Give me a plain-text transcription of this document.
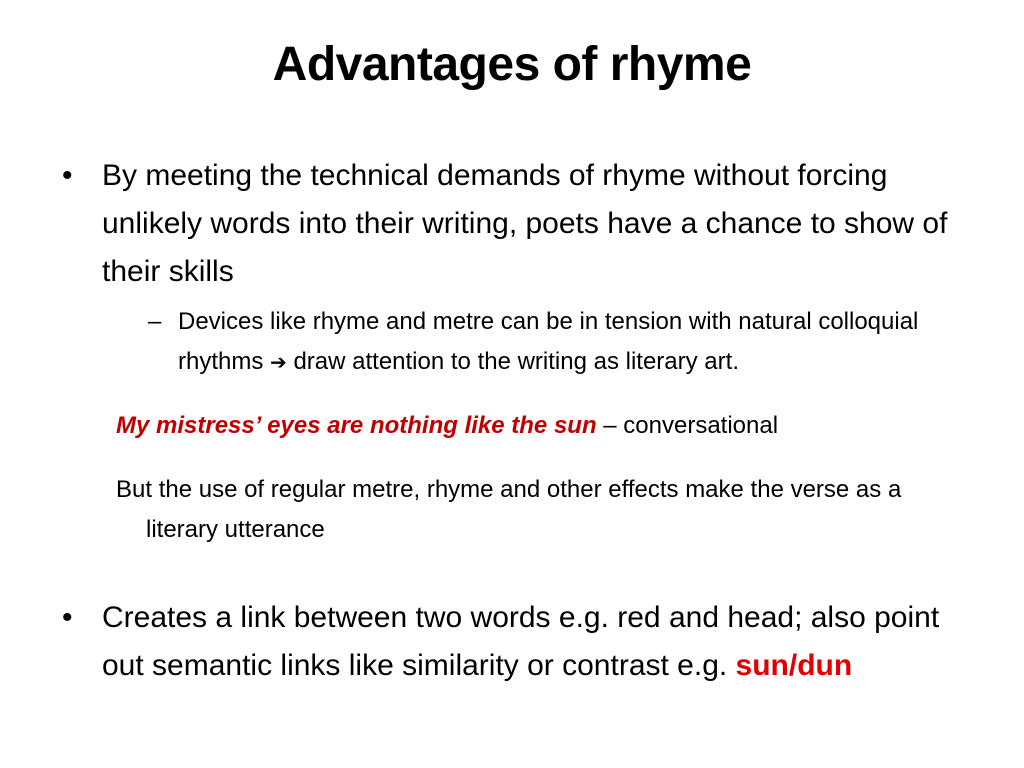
Advantages of rhyme

• By meeting the technical demands of rhyme without forcing unlikely words into their writing, poets have a chance to show of their skills

– Devices like rhyme and metre can be in tension with natural colloquial rhythms ➔ draw attention to the writing as literary art.

My mistress’ eyes are nothing like the sun – conversational

But the use of regular metre, rhyme and other effects make the verse as a literary utterance

• Creates a link between two words e.g. red and head; also point out semantic links like similarity or contrast e.g. sun/dun
